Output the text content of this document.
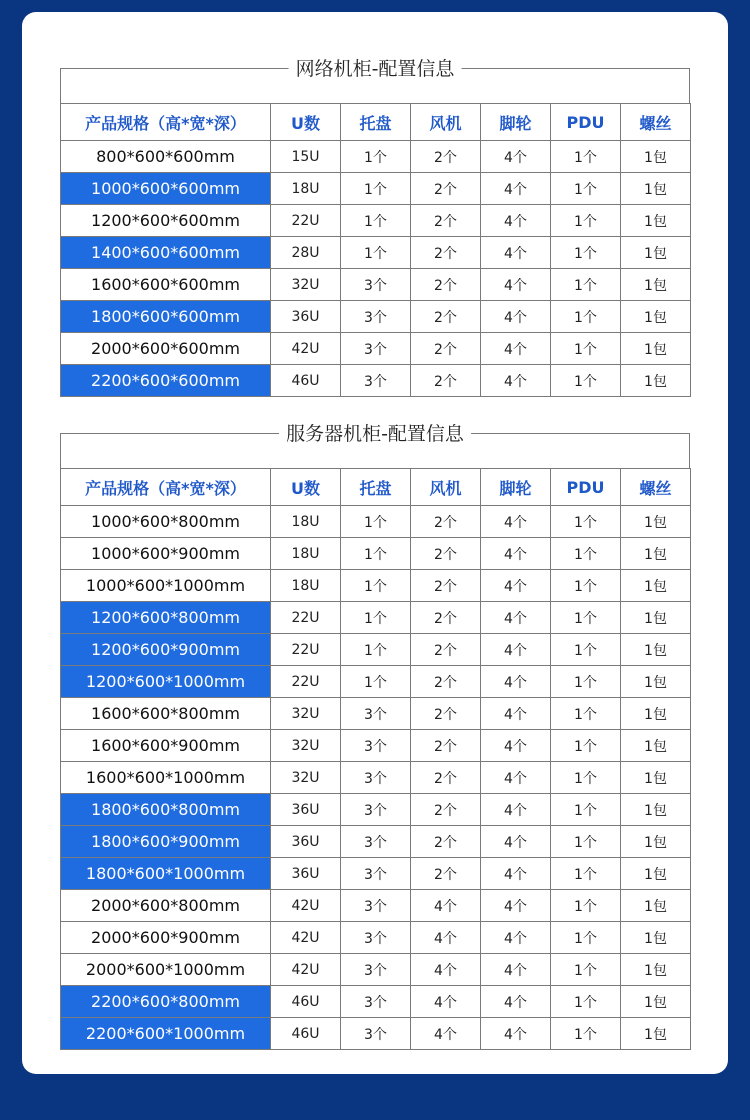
网络机柜-配置信息
产品规格（高*宽*深）	U数	托盘	风机	脚轮	PDU	螺丝
800*600*600mm	15U	1个	2个	4个	1个	1包
1000*600*600mm	18U	1个	2个	4个	1个	1包
1200*600*600mm	22U	1个	2个	4个	1个	1包
1400*600*600mm	28U	1个	2个	4个	1个	1包
1600*600*600mm	32U	3个	2个	4个	1个	1包
1800*600*600mm	36U	3个	2个	4个	1个	1包
2000*600*600mm	42U	3个	2个	4个	1个	1包
2200*600*600mm	46U	3个	2个	4个	1个	1包
服务器机柜-配置信息
产品规格（高*宽*深）	U数	托盘	风机	脚轮	PDU	螺丝
1000*600*800mm	18U	1个	2个	4个	1个	1包
1000*600*900mm	18U	1个	2个	4个	1个	1包
1000*600*1000mm	18U	1个	2个	4个	1个	1包
1200*600*800mm	22U	1个	2个	4个	1个	1包
1200*600*900mm	22U	1个	2个	4个	1个	1包
1200*600*1000mm	22U	1个	2个	4个	1个	1包
1600*600*800mm	32U	3个	2个	4个	1个	1包
1600*600*900mm	32U	3个	2个	4个	1个	1包
1600*600*1000mm	32U	3个	2个	4个	1个	1包
1800*600*800mm	36U	3个	2个	4个	1个	1包
1800*600*900mm	36U	3个	2个	4个	1个	1包
1800*600*1000mm	36U	3个	2个	4个	1个	1包
2000*600*800mm	42U	3个	4个	4个	1个	1包
2000*600*900mm	42U	3个	4个	4个	1个	1包
2000*600*1000mm	42U	3个	4个	4个	1个	1包
2200*600*800mm	46U	3个	4个	4个	1个	1包
2200*600*1000mm	46U	3个	4个	4个	1个	1包
